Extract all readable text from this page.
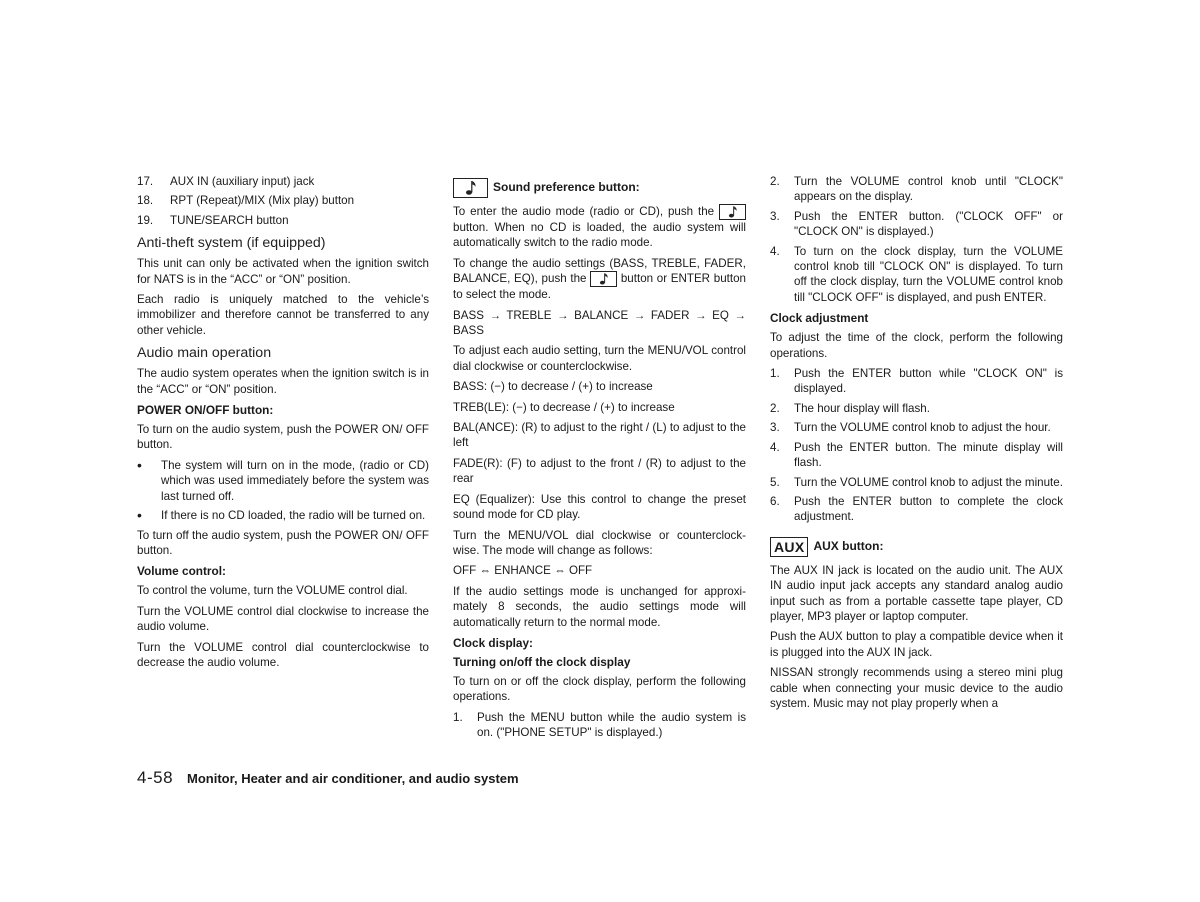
17.	AUX IN (auxiliary input) jack
18.	RPT (Repeat)/MIX (Mix play) button
19.	TUNE/SEARCH button
Anti-theft system (if equipped)

This unit can only be activated when the ignition switch for NATS is in the “ACC” or “ON” position.

Each radio is uniquely matched to the vehicle’s immobilizer and therefore cannot be transferred to any other vehicle.

Audio main operation

The audio system operates when the ignition switch is in the “ACC” or “ON” position.

POWER ON/OFF button:

To turn on the audio system, push the POWER ON/ OFF button.

•	The system will turn on in the mode, (radio or CD) which was used immediately before the system was last turned off.
•	If there is no CD loaded, the radio will be turned on.

To turn off the audio system, push the POWER ON/ OFF button.

Volume control:

To control the volume, turn the VOLUME control dial.

Turn the VOLUME control dial clockwise to increase the audio volume.

Turn the VOLUME control dial counterclockwise to decrease the audio volume.

Sound preference button:

To enter the audio mode (radio or CD), push the
button. When no CD is loaded, the audio system will automatically switch to the radio mode.

To change the audio settings (BASS, TREBLE, FADER, BALANCE, EQ), push the	button or ENTER button to select the mode.

BASS → TREBLE → BALANCE → FADER → EQ → BASS

To adjust each audio setting, turn the MENU/VOL control dial clockwise or counterclockwise.

BASS: (−) to decrease / (+) to increase

TREB(LE): (−) to decrease / (+) to increase

BAL(ANCE): (R) to adjust to the right / (L) to adjust to the left

FADE(R): (F) to adjust to the front / (R) to adjust to the rear

EQ (Equalizer): Use this control to change the preset sound mode for CD play.

Turn the MENU/VOL dial clockwise or counterclock- wise. The mode will change as follows:

OFF ⇔ ENHANCE ⇔ OFF

If the audio settings mode is unchanged for approxi- mately 8 seconds, the audio settings mode will automatically return to the normal mode.

Clock display:
Turning on/off the clock display

To turn on or off the clock display, perform the following operations.

1.	Push the MENU button while the audio system is on. ("PHONE SETUP" is displayed.)
2.	Turn the VOLUME control knob until "CLOCK" appears on the display.
3.	Push the ENTER button. ("CLOCK OFF" or "CLOCK ON" is displayed.)
4.	To turn on the clock display, turn the VOLUME control knob till "CLOCK ON" is displayed. To turn off the clock display, turn the VOLUME control knob till "CLOCK OFF" is displayed, and push ENTER.
Clock adjustment

To adjust the time of the clock, perform the following operations.

1.	Push the ENTER button while "CLOCK ON" is displayed.
2.	The hour display will flash.
3.	Turn the VOLUME control knob to adjust the hour.
4.	Push the ENTER button. The minute display will flash.
5.	Turn the VOLUME control knob to adjust the minute.
6.	Push the ENTER button to complete the clock adjustment.
AUX AUX button:

The AUX IN jack is located on the audio unit. The AUX IN audio input jack accepts any standard analog audio input such as from a portable cassette tape player, CD player, MP3 player or laptop computer.

Push the AUX button to play a compatible device when it is plugged into the AUX IN jack.

NISSAN strongly recommends using a stereo mini plug cable when connecting your music device to the audio system. Music may not play properly when a

4-58 Monitor, Heater and air conditioner, and audio system
